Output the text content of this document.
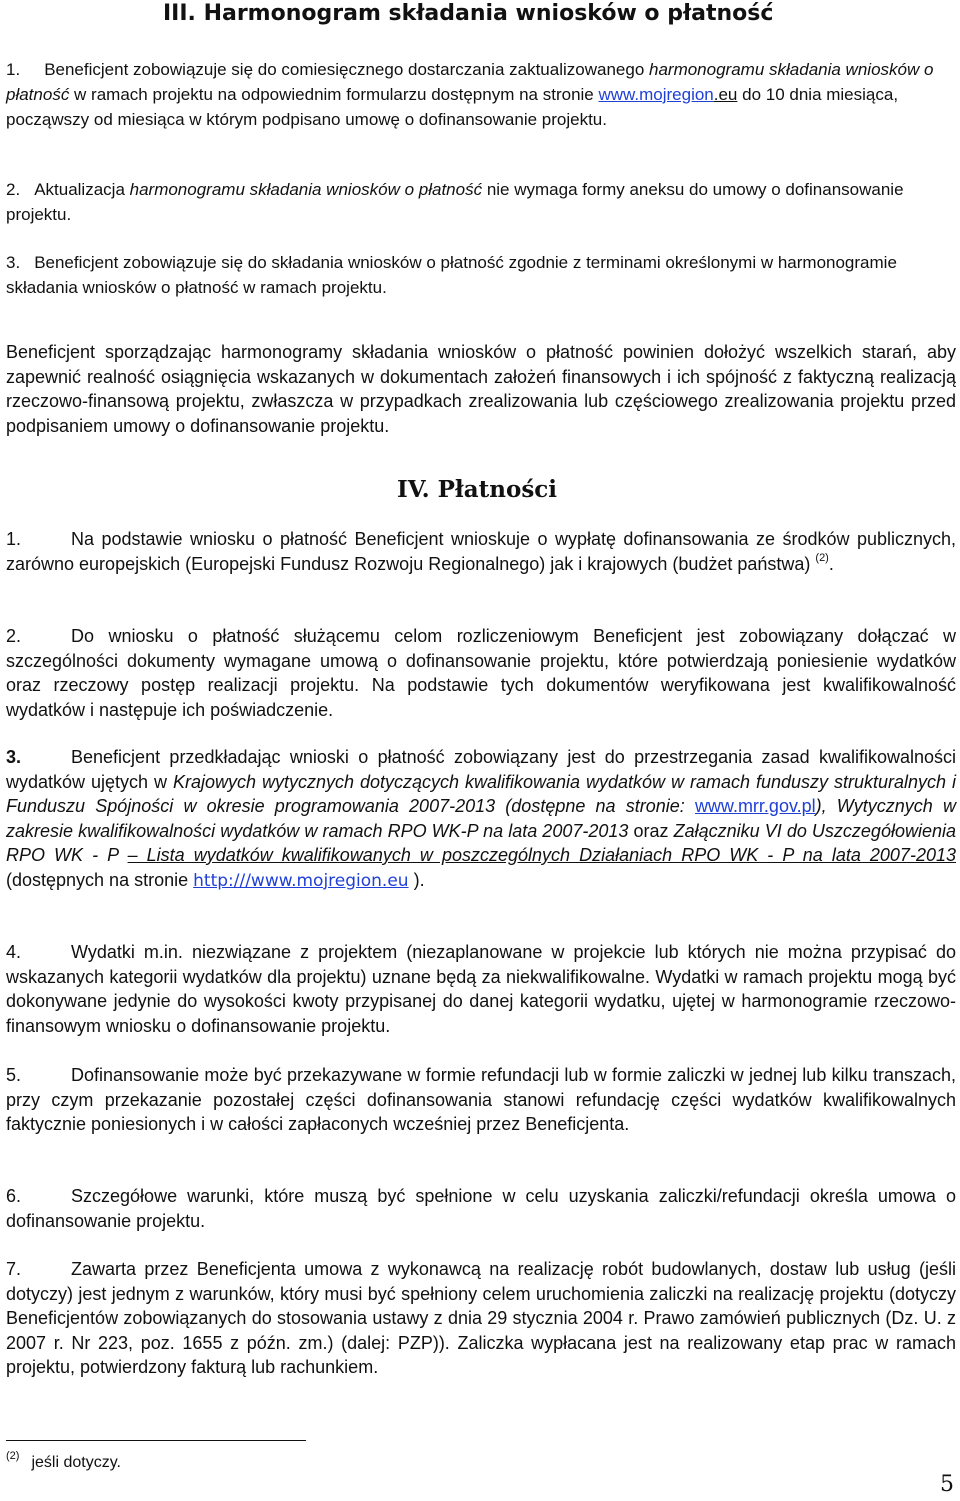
III. Harmonogram składania wniosków o płatność

1. Beneficjent zobowiązuje się do comiesięcznego dostarczania zaktualizowanego harmonogramu składania wniosków o płatność w ramach projektu na odpowiednim formularzu dostępnym na stronie www.mojregion.eu do 10 dnia miesiąca, począwszy od miesiąca w którym podpisano umowę o dofinansowanie projektu.

2. Aktualizacja harmonogramu składania wniosków o płatność nie wymaga formy aneksu do umowy o dofinansowanie projektu.

3. Beneficjent zobowiązuje się do składania wniosków o płatność zgodnie z terminami określonymi w harmonogramie składania wniosków o płatność w ramach projektu.

Beneficjent sporządzając harmonogramy składania wniosków o płatność powinien dołożyć wszelkich starań, aby zapewnić realność osiągnięcia wskazanych w dokumentach założeń finansowych i ich spójność z faktyczną realizacją rzeczowo-finansową projektu, zwłaszcza w przypadkach zrealizowania lub częściowego zrealizowania projektu przed podpisaniem umowy o dofinansowanie projektu.

IV. Płatności

1.	Na podstawie wniosku o płatność Beneficjent wnioskuje o wypłatę dofinansowania ze środków publicznych, zarówno europejskich (Europejski Fundusz Rozwoju Regionalnego) jak i krajowych (budżet państwa) $^{(2)}$.

2.	Do wniosku o płatność służącemu celom rozliczeniowym Beneficjent jest zobowiązany dołączać w szczególności dokumenty wymagane umową o dofinansowanie projektu, które potwierdzają poniesienie wydatków oraz rzeczowy postęp realizacji projektu. Na podstawie tych dokumentów weryfikowana jest kwalifikowalność wydatków i następuje ich poświadczenie.

3.	Beneficjent przedkładając wnioski o płatność zobowiązany jest do przestrzegania zasad kwalifikowalności wydatków ujętych w Krajowych wytycznych dotyczących kwalifikowania wydatków w ramach funduszy strukturalnych i Funduszu Spójności w okresie programowania 2007-2013 (dostępne na stronie: www.mrr.gov.pl), Wytycznych w zakresie kwalifikowalności wydatków w ramach RPO WK-P na lata 2007-2013 oraz Załączniku VI do Uszczegółowienia RPO WK - P – Lista wydatków kwalifikowanych w poszczególnych Działaniach RPO WK - P na lata 2007-2013 (dostępnych na stronie http:///www.mojregion.eu ).

4.	Wydatki m.in. niezwiązane z projektem (niezaplanowane w projekcie lub których nie można przypisać do wskazanych kategorii wydatków dla projektu) uznane będą za niekwalifikowalne. Wydatki w ramach projektu mogą być dokonywane jedynie do wysokości kwoty przypisanej do danej kategorii wydatku, ujętej w harmonogramie rzeczowo-finansowym wniosku o dofinansowanie projektu.

5.	Dofinansowanie może być przekazywane w formie refundacji lub w formie zaliczki w jednej lub kilku transzach, przy czym przekazanie pozostałej części dofinansowania stanowi refundację części wydatków kwalifikowalnych faktycznie poniesionych i w całości zapłaconych wcześniej przez Beneficjenta.

6.	Szczegółowe warunki, które muszą być spełnione w celu uzyskania zaliczki/refundacji określa umowa o dofinansowanie projektu.

7.	Zawarta przez Beneficjenta umowa z wykonawcą na realizację robót budowlanych, dostaw lub usług (jeśli dotyczy) jest jednym z warunków, który musi być spełniony celem uruchomienia zaliczki na realizację projektu (dotyczy Beneficjentów zobowiązanych do stosowania ustawy z dnia 29 stycznia 2004 r. Prawo zamówień publicznych (Dz. U. z 2007 r. Nr 223, poz. 1655 z późn. zm.) (dalej: PZP)). Zaliczka wypłacana jest na realizowany etap prac w ramach projektu, potwierdzony fakturą lub rachunkiem.

$^{(2)}$ jeśli dotyczy.
5
